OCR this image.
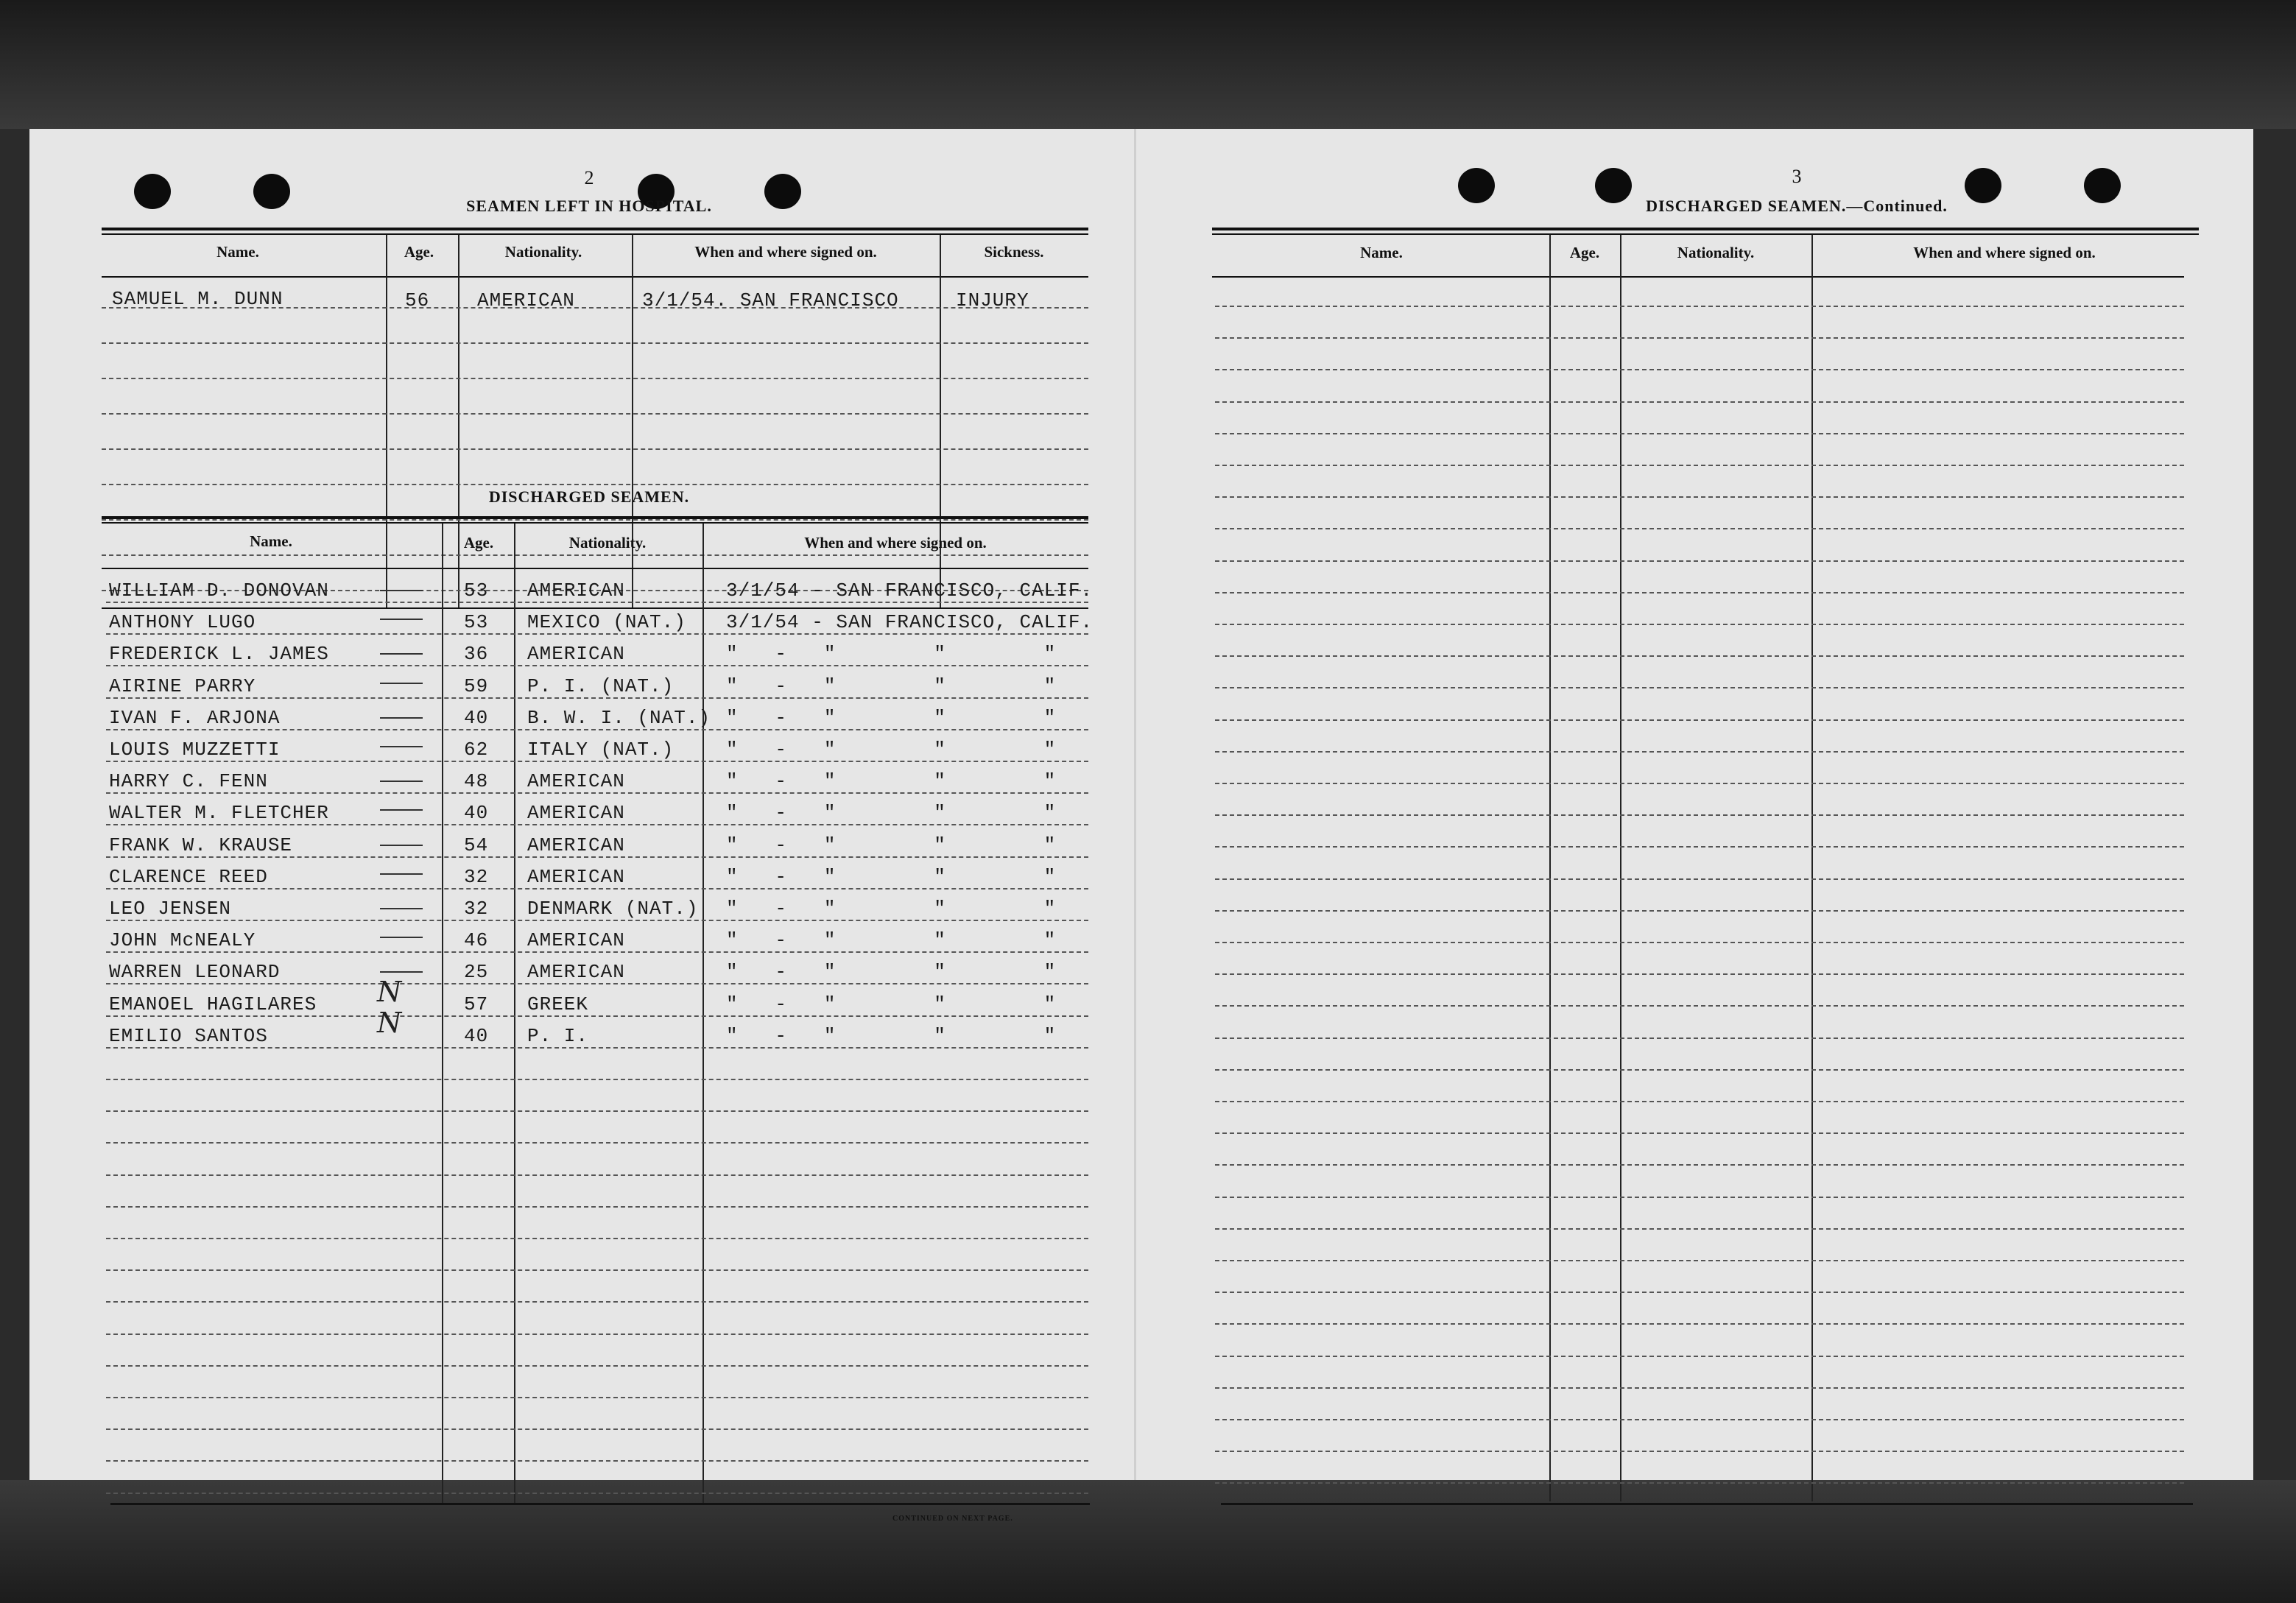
2
SEAMEN LEFT IN HOSPITAL.
Name.	Age.	Nationality.	When and where signed on.	Sickness.
SAMUEL M. DUNN	56 AMERICAN	3/1/54. SAN FRANCISCO	INJURY
DISCHARGED SEAMEN.
Name.	Age.	Nationality.	When and where signed on.
CONTINUED ON NEXT PAGE.
WILLIAM D. DONOVAN	53 AMERICAN	3/1/54 - SAN FRANCISCO, CALIF.
ANTHONY LUGO	53 MEXICO (NAT.) 3/1/54 - SAN FRANCISCO, CALIF.
FREDERICK L. JAMES	36 AMERICAN	"   -   "        "        "
AIRINE PARRY	59 P. I. (NAT.)	"   -   "        "        "
IVAN F. ARJONA	40 B. W. I. (NAT.) "   -   "        "        "
LOUIS MUZZETTI	62 ITALY (NAT.)	"   -   "        "        "
HARRY C. FENN	48 AMERICAN	"   -   "        "        "
WALTER M. FLETCHER	40 AMERICAN	"   -   "        "        "
FRANK W. KRAUSE	54 AMERICAN	"   -   "        "        "
CLARENCE REED	32 AMERICAN	"   -   "        "        "
LEO JENSEN	32 DENMARK (NAT.) "   -   "        "        "
JOHN McNEALY	46 AMERICAN	"   -   "        "        "
WARREN LEONARD	25 AMERICAN	"   -   "        "        "
EMANOEL HAGILARES	57 GREEK	"   -   "        "        "
EMILIO SANTOS	40 P. I.	"   -   "        "        "
N
N
3
DISCHARGED SEAMEN.—Continued.
Name.	Age.	Nationality.	When and where signed on.
